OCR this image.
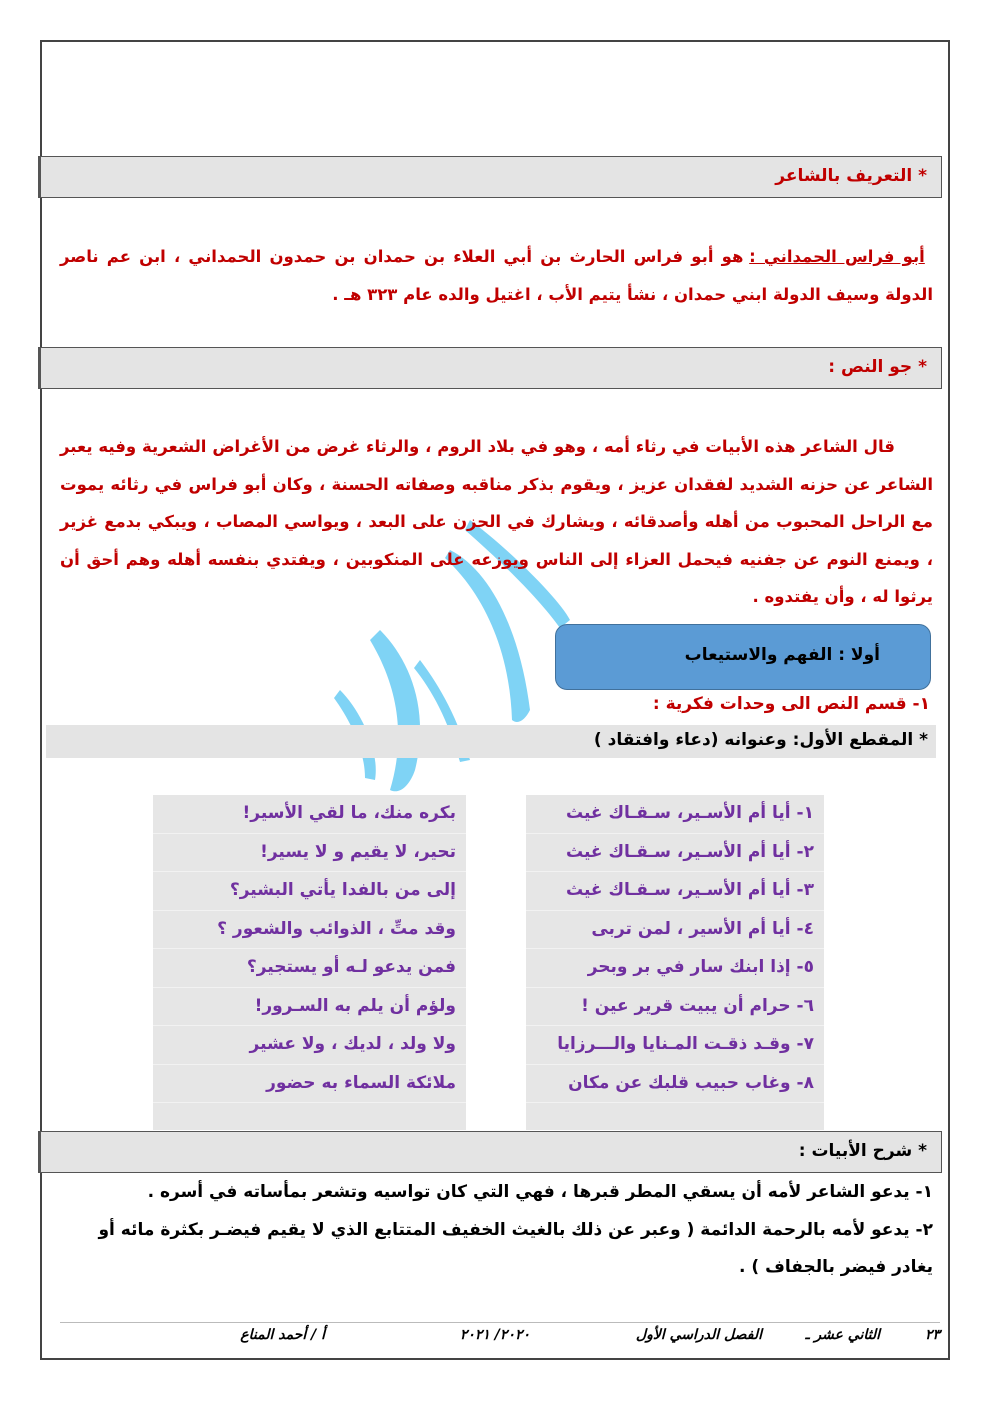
* التعريف بالشاعر

أبو فراس الحمداني : هو أبو فراس الحارث بن أبي العلاء بن حمدان بن حمدون الحمداني ، ابن عم ناصر الدولة وسيف الدولة ابني حمدان ، نشأ يتيم الأب ، اغتيل والده عام ٣٢٣ هـ .

* جو النص :

قال الشاعر هذه الأبيات في رثاء أمه ، وهو في بلاد الروم ، والرثاء غرض من الأغراض الشعرية وفيه يعبر الشاعر عن حزنه الشديد لفقدان عزيز ، ويقوم بذكر مناقبه وصفاته الحسنة ، وكان أبو فراس في رثائه يموت مع الراحل المحبوب من أهله وأصدقائه ، ويشارك في الحزن على البعد ، ويواسي المصاب ، ويبكي بدمع غزير ، ويمنع النوم عن جفنيه فيحمل العزاء إلى الناس ويوزعه على المنكوبين ، ويفتدي بنفسه أهله وهم أحق أن يرثوا له ، وأن يفتدوه .

أولا : الفهم والاستيعاب
١- قسم النص الى وحدات فكرية :
* المقطع الأول: وعنوانه (دعاء وافتقاد )
١- أيا أم الأسـير، سـقـاك غيث
٢- أيا أم الأسـير، سـقـاك غيث
٣- أيا أم الأسـير، سـقـاك غيث
٤- أيا أم الأسير ، لمن تربى
٥- إذا ابنك سار في بر وبحر
٦- حرام أن يبيت قرير عين !
٧- وقـد ذقـت المـنايا والـــرزايا
٨- وغاب حبيب قلبك عن مكان
بكره منك، ما لقي الأسير!
تحير، لا يقيم و لا يسير!
إلى من بالفدا يأتي البشير؟
وقد متِّ ، الذوائب والشعور ؟
فمن يدعو لـه أو يستجير؟
ولؤم أن يلم به السـرور!
ولا ولد ، لديك ، ولا عشير
ملائكة السماء به حضور
* شرح الأبيات :

١- يدعو الشاعر لأمه أن يسقي المطر قبرها ، فهي التي كان تواسيه وتشعر بمأساته في أسره .

٢- يدعو لأمه بالرحمة الدائمة ( وعبر عن ذلك بالغيث الخفيف المتتابع الذي لا يقيم فيضـر بكثرة مائه أو يغادر فيضر بالجفاف ) .

٢٣
الثاني عشر ـ
الفصل الدراسي الأول
٢٠٢٠/ ٢٠٢١
أ / أحمد المناع
